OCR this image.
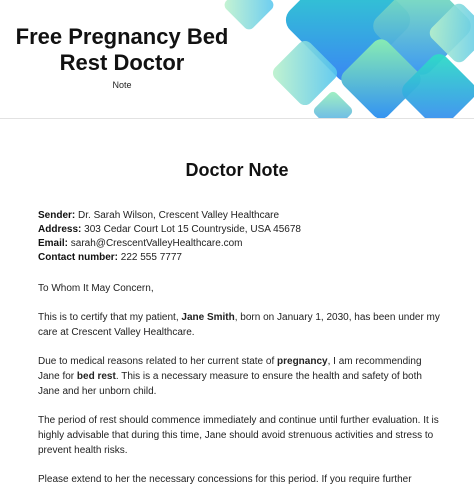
Free Pregnancy Bed
Rest Doctor
Note
Doctor Note
Sender: Dr. Sarah Wilson, Crescent Valley Healthcare
Address: 303 Cedar Court Lot 15 Countryside, USA 45678
Email: sarah@CrescentValleyHealthcare.com
Contact number: 222 555 7777

To Whom It May Concern,

This is to certify that my patient, Jane Smith, born on January 1, 2030, has been under my care at Crescent Valley Healthcare.

Due to medical reasons related to her current state of pregnancy, I am recommending Jane for bed rest. This is a necessary measure to ensure the health and safety of both Jane and her unborn child.

The period of rest should commence immediately and continue until further evaluation. It is highly advisable that during this time, Jane should avoid strenuous activities and stress to prevent health risks.

Please extend to her the necessary concessions for this period. If you require further
